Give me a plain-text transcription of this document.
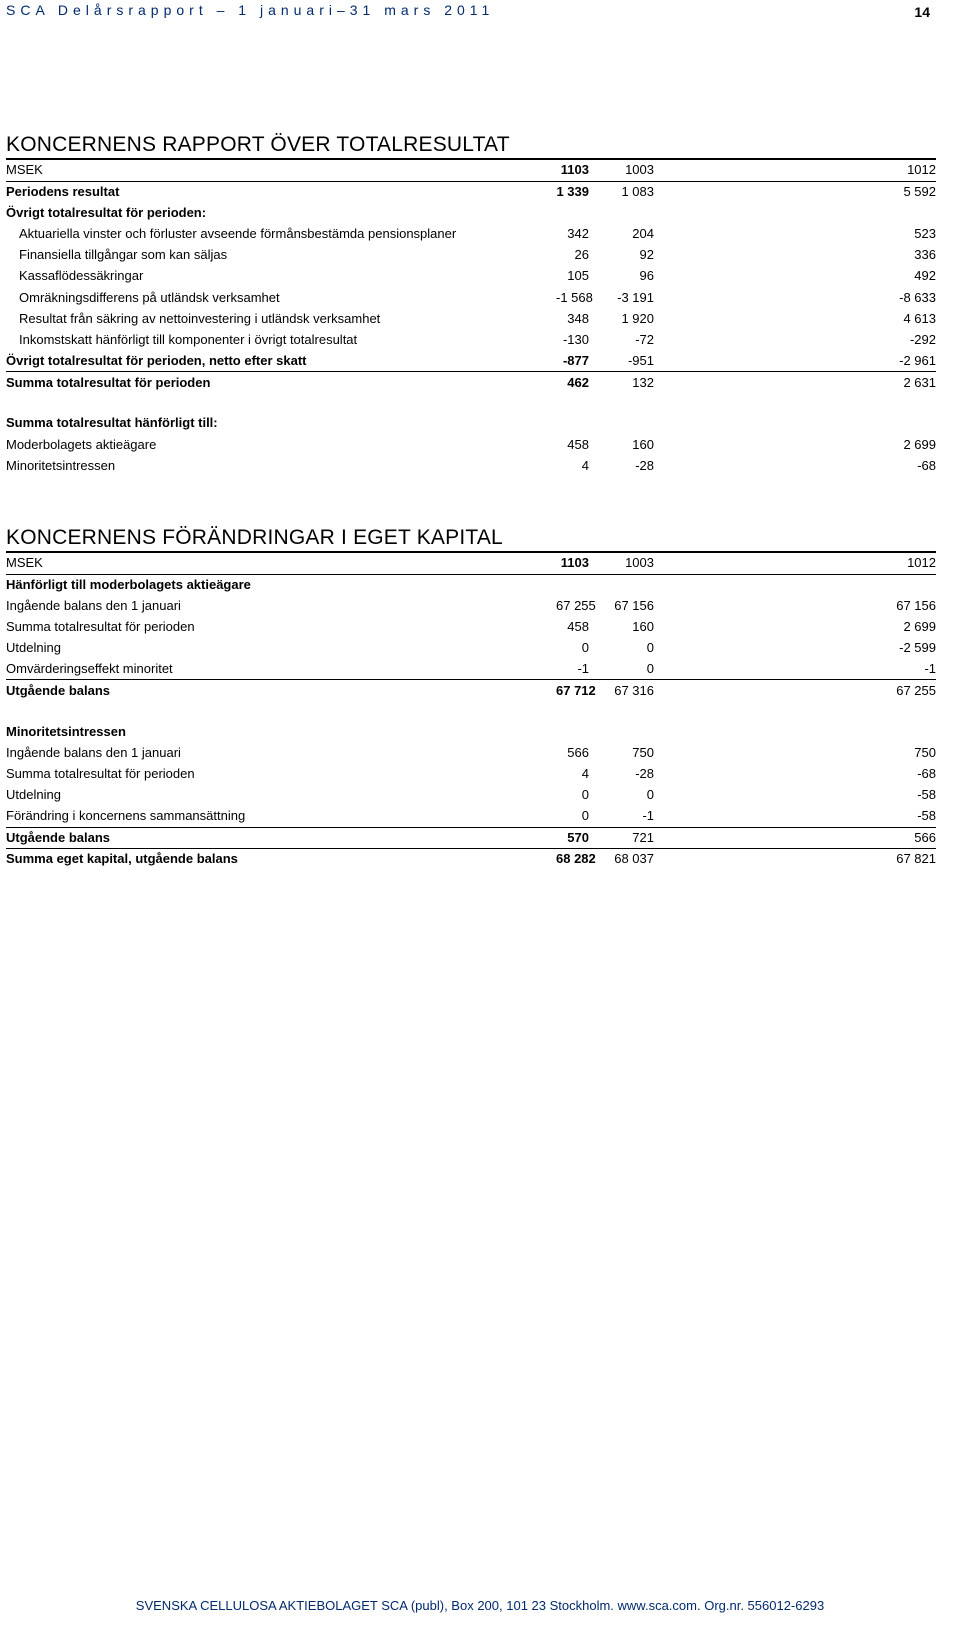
SCA Delårsrapport – 1 januari–31 mars 2011	14
KONCERNENS RAPPORT ÖVER TOTALRESULTAT
MSEK	1103	1003	1012
Periodens resultat	1 339	1 083	5 592
Övrigt totalresultat för perioden:			
Aktuariella vinster och förluster avseende förmånsbestämda pensionsplaner	342	204	523
Finansiella tillgångar som kan säljas	26	92	336
Kassaflödessäkringar	105	96	492
Omräkningsdifferens på utländsk verksamhet	-1 568	-3 191	-8 633
Resultat från säkring av nettoinvestering i utländsk verksamhet	348	1 920	4 613
Inkomstskatt hänförligt till komponenter i övrigt totalresultat	-130	-72	-292
Övrigt totalresultat för perioden, netto efter skatt	-877	-951	-2 961
Summa totalresultat för perioden	462	132	2 631

Summa totalresultat hänförligt till:			
Moderbolagets aktieägare	458	160	2 699
Minoritetsintressen	4	-28	-68
KONCERNENS FÖRÄNDRINGAR I EGET KAPITAL
MSEK	1103	1003	1012
Hänförligt till moderbolagets aktieägare			
Ingående balans den 1 januari	67 255	67 156	67 156
Summa totalresultat för perioden	458	160	2 699
Utdelning	0	0	-2 599
Omvärderingseffekt minoritet	-1	0	-1
Utgående balans	67 712	67 316	67 255

Minoritetsintressen			
Ingående balans den 1 januari	566	750	750
Summa totalresultat för perioden	4	-28	-68
Utdelning	0	0	-58
Förändring i koncernens sammansättning	0	-1	-58
Utgående balans	570	721	566
Summa eget kapital, utgående balans	68 282	68 037	67 821
SVENSKA CELLULOSA AKTIEBOLAGET SCA (publ), Box 200, 101 23 Stockholm. www.sca.com. Org.nr. 556012-6293
